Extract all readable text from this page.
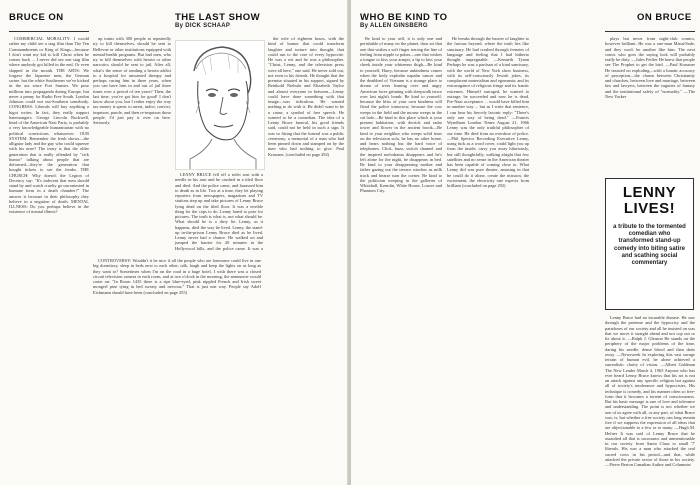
BRUCE ON	THE LAST SHOW
By DICK SCHAAP

COMMERCIAL MORALITY: I would rather my child see a stag film than The Ten Commandments or King of Kings—because I don't want my kid to kill Christ when he comes back ... I never did see one stag film where anybody got killed in the end. Or even slapped in the mouth. THE ARTS: We forgave the Japanese men, the German swine, but the white Southerner we've kicked in the ass since Fort Sumter. We pour millions into propaganda during Europe, but never a penny for Radio Free South. Lyndon Johnson could not out-Southern somebody. CONGRESS: Liberals will buy anything a bigot writes. In fact, they really support hatemongers. George Lincoln Rockwell, head of the American Nazi Party, is probably a very knowledgeable humanitarian with no political convictions whatsoever. OUR SYSTEM: Remember the fresh shows—the alligator lady and the guy who could squeeze with his nose? The irony is that the older generation that is really offended by "sick humor" talking about people that are deformed—they're the generation that bought tickets to see the freaks. THE CHURCH: Why doesn't the Legion of Decency say: "It's indecent that men should stand by and watch cruelty go uncontested in humane form in a death chamber?" The answer is because in their philosophy they believe in a negation of death. MENTAL ILLNESS: Do you perhaps believe in the existence of mental illness?

up trains with 300 people at repeatedly try to kill themselves, should be sent to Bellevue or other institutions equipped with mental-health programs. But bad men, who try to kill themselves with heroin or other narcotics should be sent to jail. After all, what's the sense of sending a heroin addict to a hospital for unwanted therapy and perhaps curing him in three years, when you can have him in and out of jail three times over a period of ten years? Then, the last time, you've got him for good! I don't know about you, but I rather enjoy the way tax money is spent: to arrest, indict, convict, imprison, parole, and then re-imprison those people. I'd just pay it over on here. Seriously.

CONTROVERSY: Wouldn't it be nice if all the people who are lonesome could live in one big dormitory, sleep in beds next to each other, talk, laugh and keep the lights on as long as they want to? Sometimes when I'm on the road in a huge hotel, I wish there was a closed circuit television camera in each room, and at two o'clock in the morning, the announcer would come on: "In Room 1435 there is a ripe blue-eyed, pink nippled French and Irish sweet mongrel pine tying in bed sweaty and nervous." That is just one way. People say Adolf Eichmann should have been (concluded on page 255)

the wife of eighteen hours, with the kind of humor that could transform laughter and torture into thought, that could run to the core of every hypocrite. He was a wit and he was a philosopher. "Christ, Lenny, and the television press were all here," one said. He never sold out, not even to his friends. He thought that the premise situated in his support, signed by Reinhold Niebuhr and Elizabeth Taylor and almost everyone in between—Lenny could have done something with that image—was ridiculous. He wanted nothing to do with it. He didn't want to be a cause, a symbol of free speech. He wanted to be a comedian. The idea of a Lenny Bruce funeral, his good friends said, could not be held in such a sign. It was so fitting that the funeral was a public ceremony, a memorial of a man who had been pinned down and stamped on by the men who had nothing to give. Paul Krassner, (concluded on page 292)

WHO BE KIND TO
By ALLEN GINSBERG
ON BRUCE

Be kind to your self, it is only one and perishable of many on the planet, thou art that one that wishes a soft finger tracing the line of feeling from nipple to pubes—one that wishes a tongue to kiss your armpit, a lip to kiss your cheek inside your whiteness thigh—Be kind to yourself, Harry, because unkindness comes when the body explodes napalm cancer and the deathbed of Vietnam is a strange place to dream of trees leaning over and angry American faces grinning with sleepwalk terror over last night's bomb. Be kind to yourself, because the bliss of your own kindness will flood the police tomorrow, because the cow weeps in the field and the mouse weeps in the cat hole—Be kind to this place which is your present habitation, with derrick and radar tower and flower in the ancient brook—Be kind to your neighbor who weeps solid tears on the television sofa, he has no other home, and hears nothing but the hard voice of telephones. Click, buzz, switch channel and the inspired melodrama disappears and he's left alone for the night, he disappears in bed. Be kind to your disappearing mother and father gazing out the terrace window as milk truck and hearse turn the corner. Be kind to the politician weeping in the galleries of Whitehall, Kremlin, White House, Louvre and Phantom City.

He breaks through the barrier of laughter to the furious beyond, where the truth lies like sanctuary. He had crashed through frenzies of language and feeling that I had hitherto thought impregnable. —Kenneth Tynan Perhaps he was a partisan of a kind sanctuary, with the world of New York show business, with its self-consciously Jewish jokes, its complacent materialism and egomania; and its extravagance of religious fringe and its frantic extremes. Himself outraged, he wanted to outrage; he succeeded and now he is dead. Pre-Nazi acceptance ... would have killed him in another way ... but as I write that sentence, I can hear his fiercely laconic reply: "There's only one way of being dead." —Francis Wyndham London Times August 21, 1966 Lenny was the only truthful philosopher of our time. He died from an overdose of police. —Phil Spector Recording Executive Lenny, using fuck as a word cover, could light you up from the inside, carry you away hilariously, but still thoughtfully, walking alright that few satellites and no sense in the American theater has been capable of coming close to. What Lenny did was pure theater, amusing in that he could do it alone, create the mission, the excitement, the electricity one expects from brilliant (concluded on page 292)

plays but never from night-club comics, however brilliant. He was a one-man Marat/Sade, and they won't be another like him. The next comic who goes the saying luck will probably really be dirty. —Jules Feiffer He knew that people see The Prophet to get the bird. —Paul Krassner He insisted on exploding—with a lunatic accuracy of perception—the chasm between Christianity and churches, between love and marriage, between law and lawyers, between the vagaries of fantasy and the institutional safety of "normality." —The New Yorker

Lenny Bruce had an incurable disease. He saw through the pretense and the hypocrisy and the paradoxes of our society and all he insisted on was that we move it straight ahead and not cop out or lie about it. —Ralph J. Gleason He stands on the periphery of the major problems of the time, daring his needle, dense blood and then darts away. —Newsweek In exploring this vast savage terrain of human evil, he alone achieved a surrealistic clarity of vision. —Albert Goldman The New Leader March 4, 1965 Anyone who has ever heard Lenny Bruce knows that his art is not an attack against any specific religion but against all of society's intolerance and hypocrisies. His technique is comedy, and his manner often so free-form that it becomes a torrent of consciousness. But his basic message is one of love and tolerance and understanding. The point is not whether we one of us agree with all, or any part, of what Bruce was; is, but whether a free society can long remain free if we suppress the expression of all ideas that are objectionable to a few or to many. —Hugh M. Hefner It was said of Lenny Bruce that he assaulted all that is sacrosanct and unmentionable in our society from Santa Claus to small '7' liberals. His was a man who attacked the real sacred cows in his period—and that, while attacked the private sector of those in his society. —Pierre Berton Canadian Author and Columnist

LENNY BRUCE fell off a toilet seat with a needle in his arm and he crashed in a tiled floor and died. And the police came, and harassed him to death as in life. Two at a time, they let playing reporters from newspapers, magazines and TV stations step up and take pictures of Lenny Bruce lying dead on the tiled floor. It was a terrible thing for the cops to do. Lenny hated to pose for pictures. The truth is what is, not what should be. What should be is a dirty lie. Lenny, as it happens, died the way he lived. Lenny, the stand-up in-the-prison Lenny Bruce died as he lived. Lenny never had a chance. He walked on and jumped the barrier for 20 minutes in the Hollywood hills, and the police came. It was a

LENNY LIVES!
a tribute to the tormented comedian who transformed stand-up comedy into biting satire and scathing social commentary
